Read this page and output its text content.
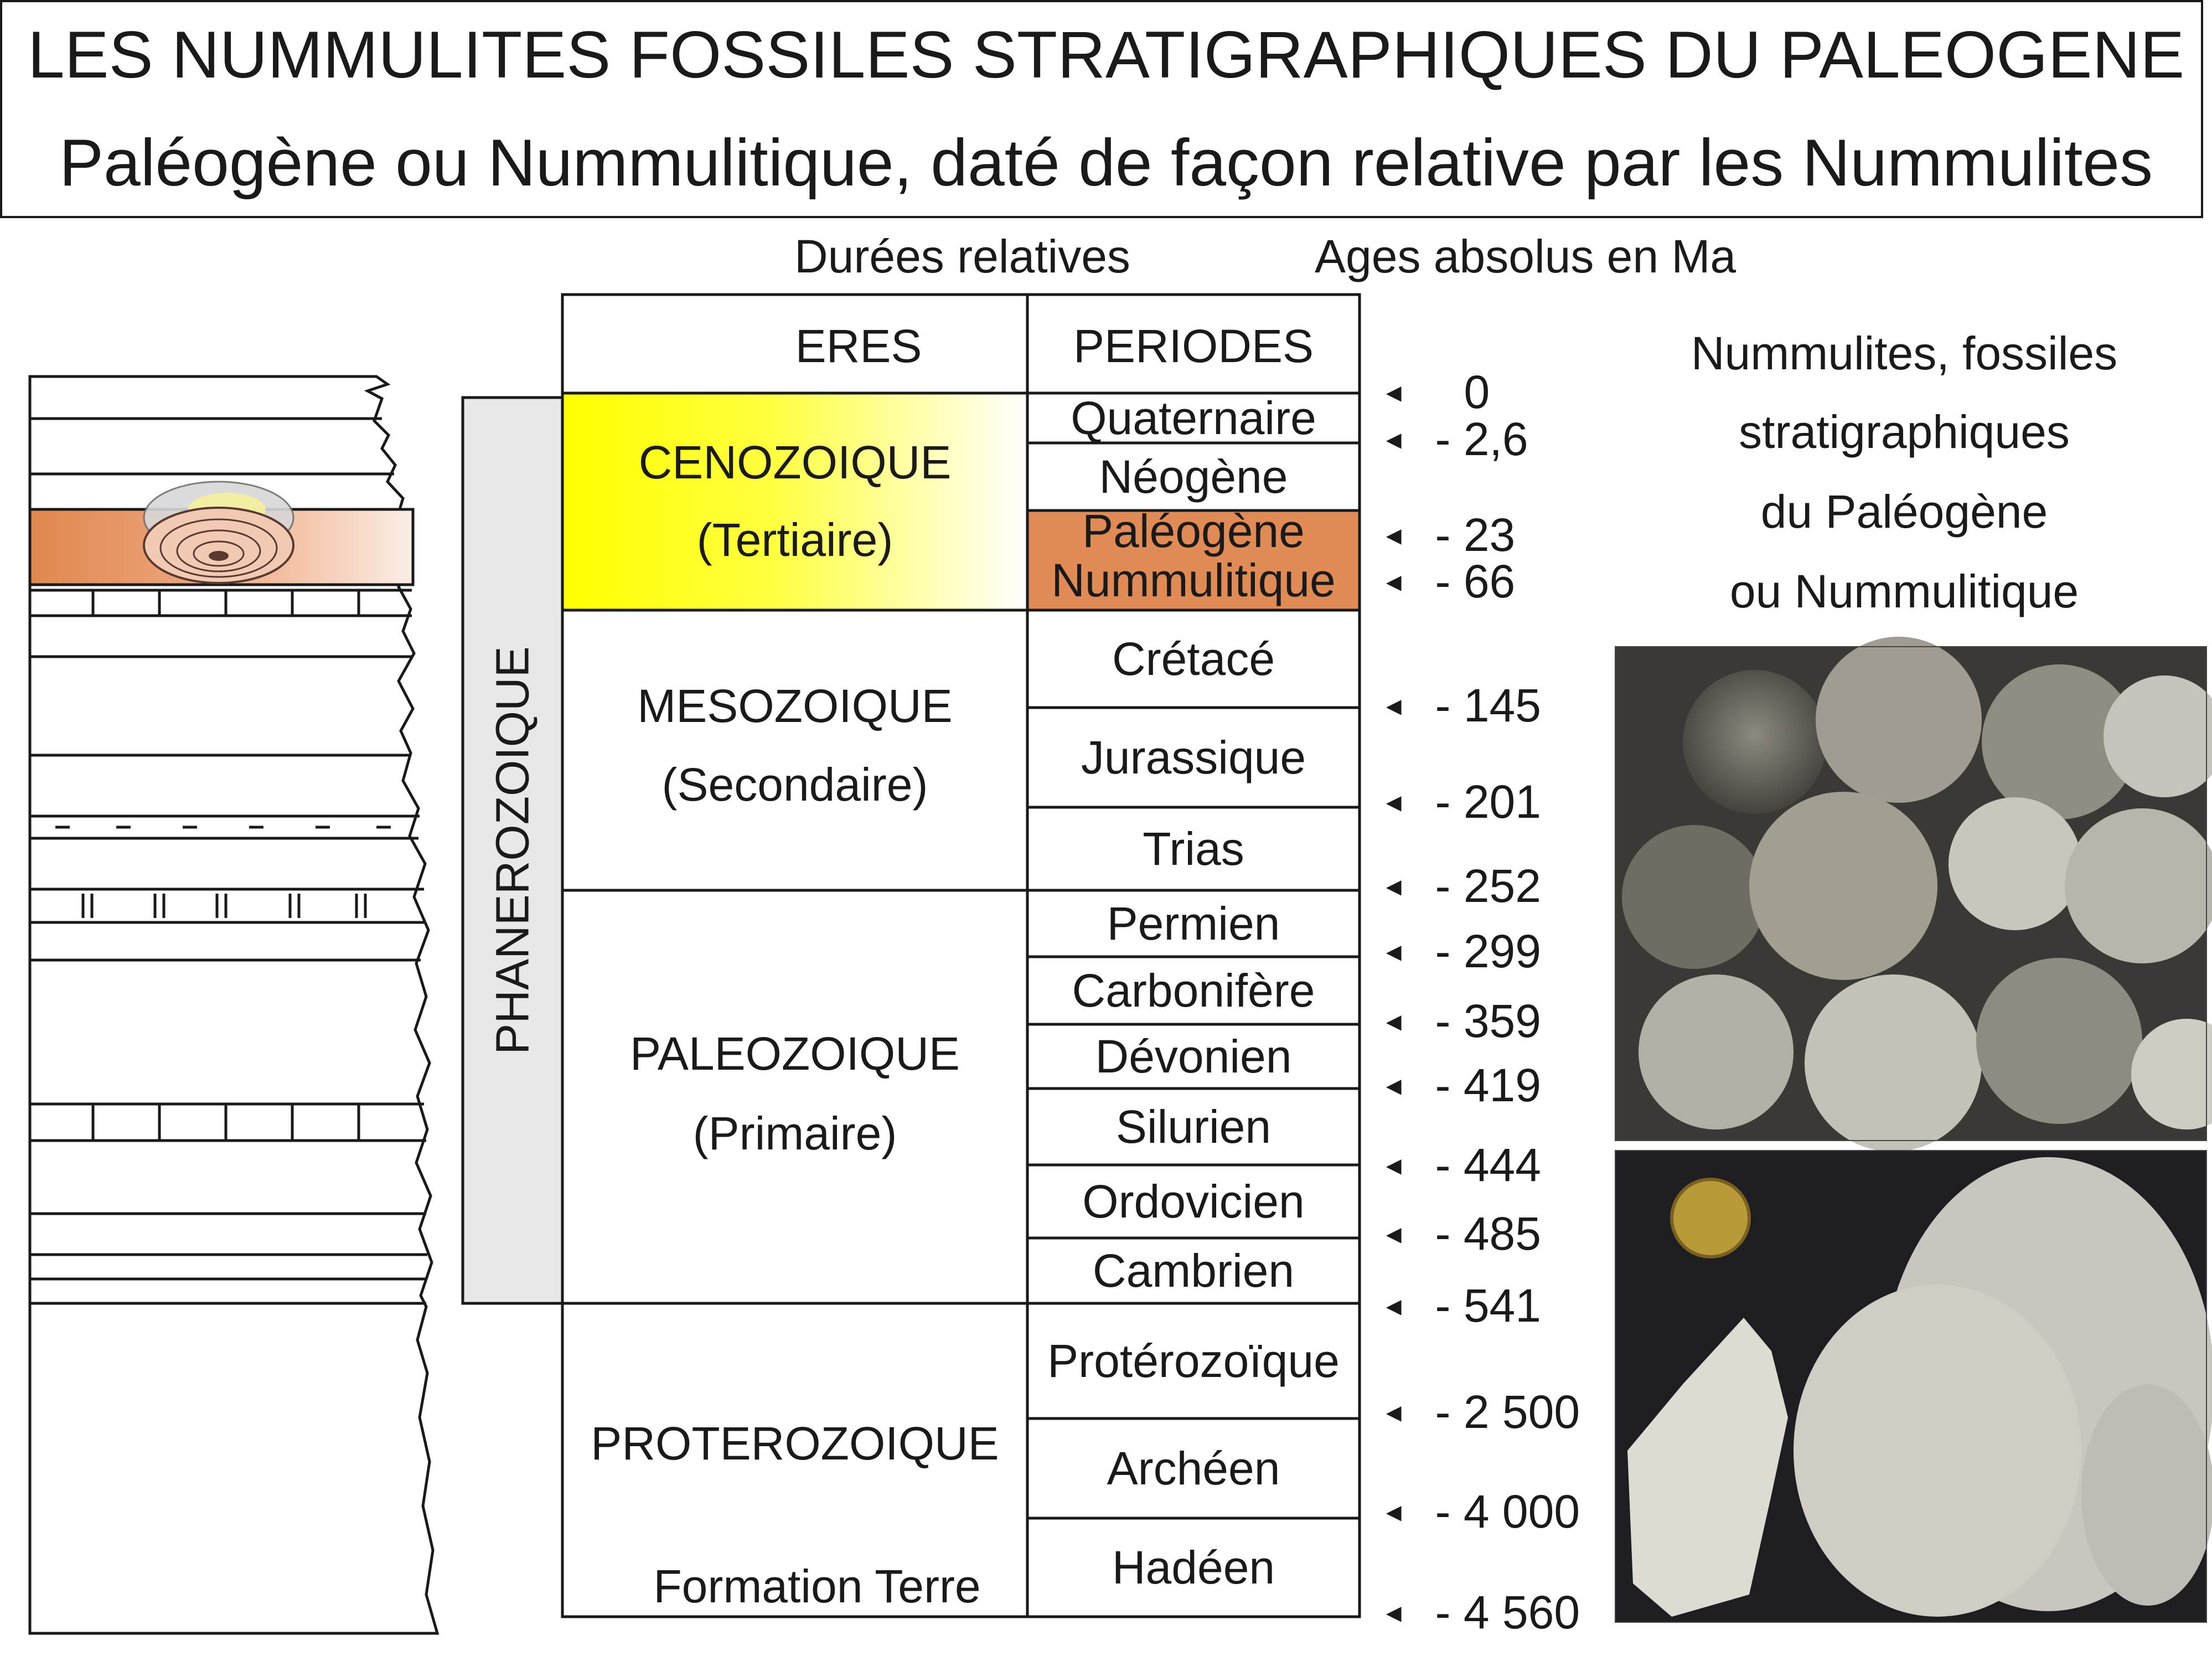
LES NUMMULITES FOSSILES STRATIGRAPHIQUES DU PALEOGENE
Paléogène ou Nummulitique, daté de façon relative par les Nummulites
Durées relatives	Ages absolus en Ma
PHANEROZOIQUE
ERES	PERIODES
CENOZOIQUE
(Tertiaire)
MESOZOIQUE
(Secondaire)
PALEOZOIQUE
(Primaire)
PROTEROZOIQUE
Formation Terre
Quaternaire
Néogène
Paléogène
Nummulitique
Crétacé
Jurassique
Trias
Permien
Carbonifère
Dévonien
Silurien
Ordovicien
Cambrien
Protérozoïque
Archéen
Hadéen
◄ 0
◄ - 2,6
◄ - 23
◄ - 66
◄ - 145
◄ - 201
◄ - 252
◄ - 299
◄ - 359
◄ - 419
◄ - 444
◄ - 485
◄ - 541
◄ - 2 500
◄ - 4 000
◄ - 4 560
Nummulites, fossiles
stratigraphiques
du Paléogène
ou Nummulitique
